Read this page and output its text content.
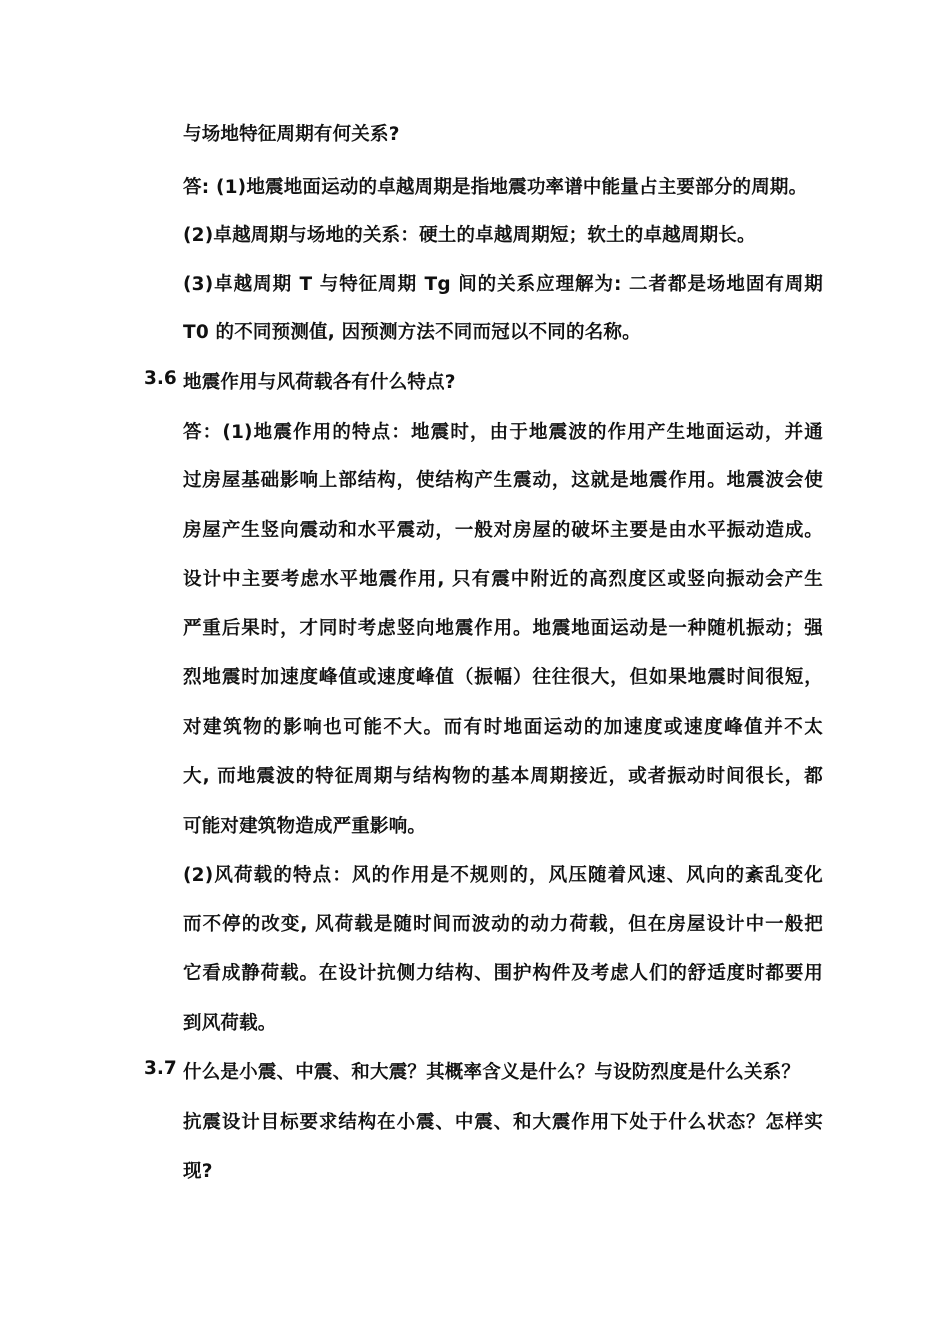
与场地特征周期有何关系?
答: (1)地震地面运动的卓越周期是指地震功率谱中能量占主要部分的周期。
(2)卓越周期与场地的关系：硬土的卓越周期短；软土的卓越周期长。
(3)卓越周期 T 与特征周期 Tg 间的关系应理解为: 二者都是场地固有周期
T0 的不同预测值, 因预测方法不同而冠以不同的名称。
3.6 地震作用与风荷载各有什么特点?
答：(1)地震作用的特点：地震时，由于地震波的作用产生地面运动，并通
过房屋基础影响上部结构，使结构产生震动，这就是地震作用。地震波会使
房屋产生竖向震动和水平震动，一般对房屋的破坏主要是由水平振动造成。
设计中主要考虑水平地震作用, 只有震中附近的高烈度区或竖向振动会产生
严重后果时，才同时考虑竖向地震作用。地震地面运动是一种随机振动；强
烈地震时加速度峰值或速度峰值（振幅）往往很大，但如果地震时间很短，
对建筑物的影响也可能不大。而有时地面运动的加速度或速度峰值并不太
大, 而地震波的特征周期与结构物的基本周期接近，或者振动时间很长，都
可能对建筑物造成严重影响。
(2)风荷载的特点：风的作用是不规则的，风压随着风速、风向的紊乱变化
而不停的改变, 风荷载是随时间而波动的动力荷载，但在房屋设计中一般把
它看成静荷载。在设计抗侧力结构、围护构件及考虑人们的舒适度时都要用
到风荷载。
3.7 什么是小震、中震、和大震？其概率含义是什么？与设防烈度是什么关系？
抗震设计目标要求结构在小震、中震、和大震作用下处于什么状态？怎样实
现?
